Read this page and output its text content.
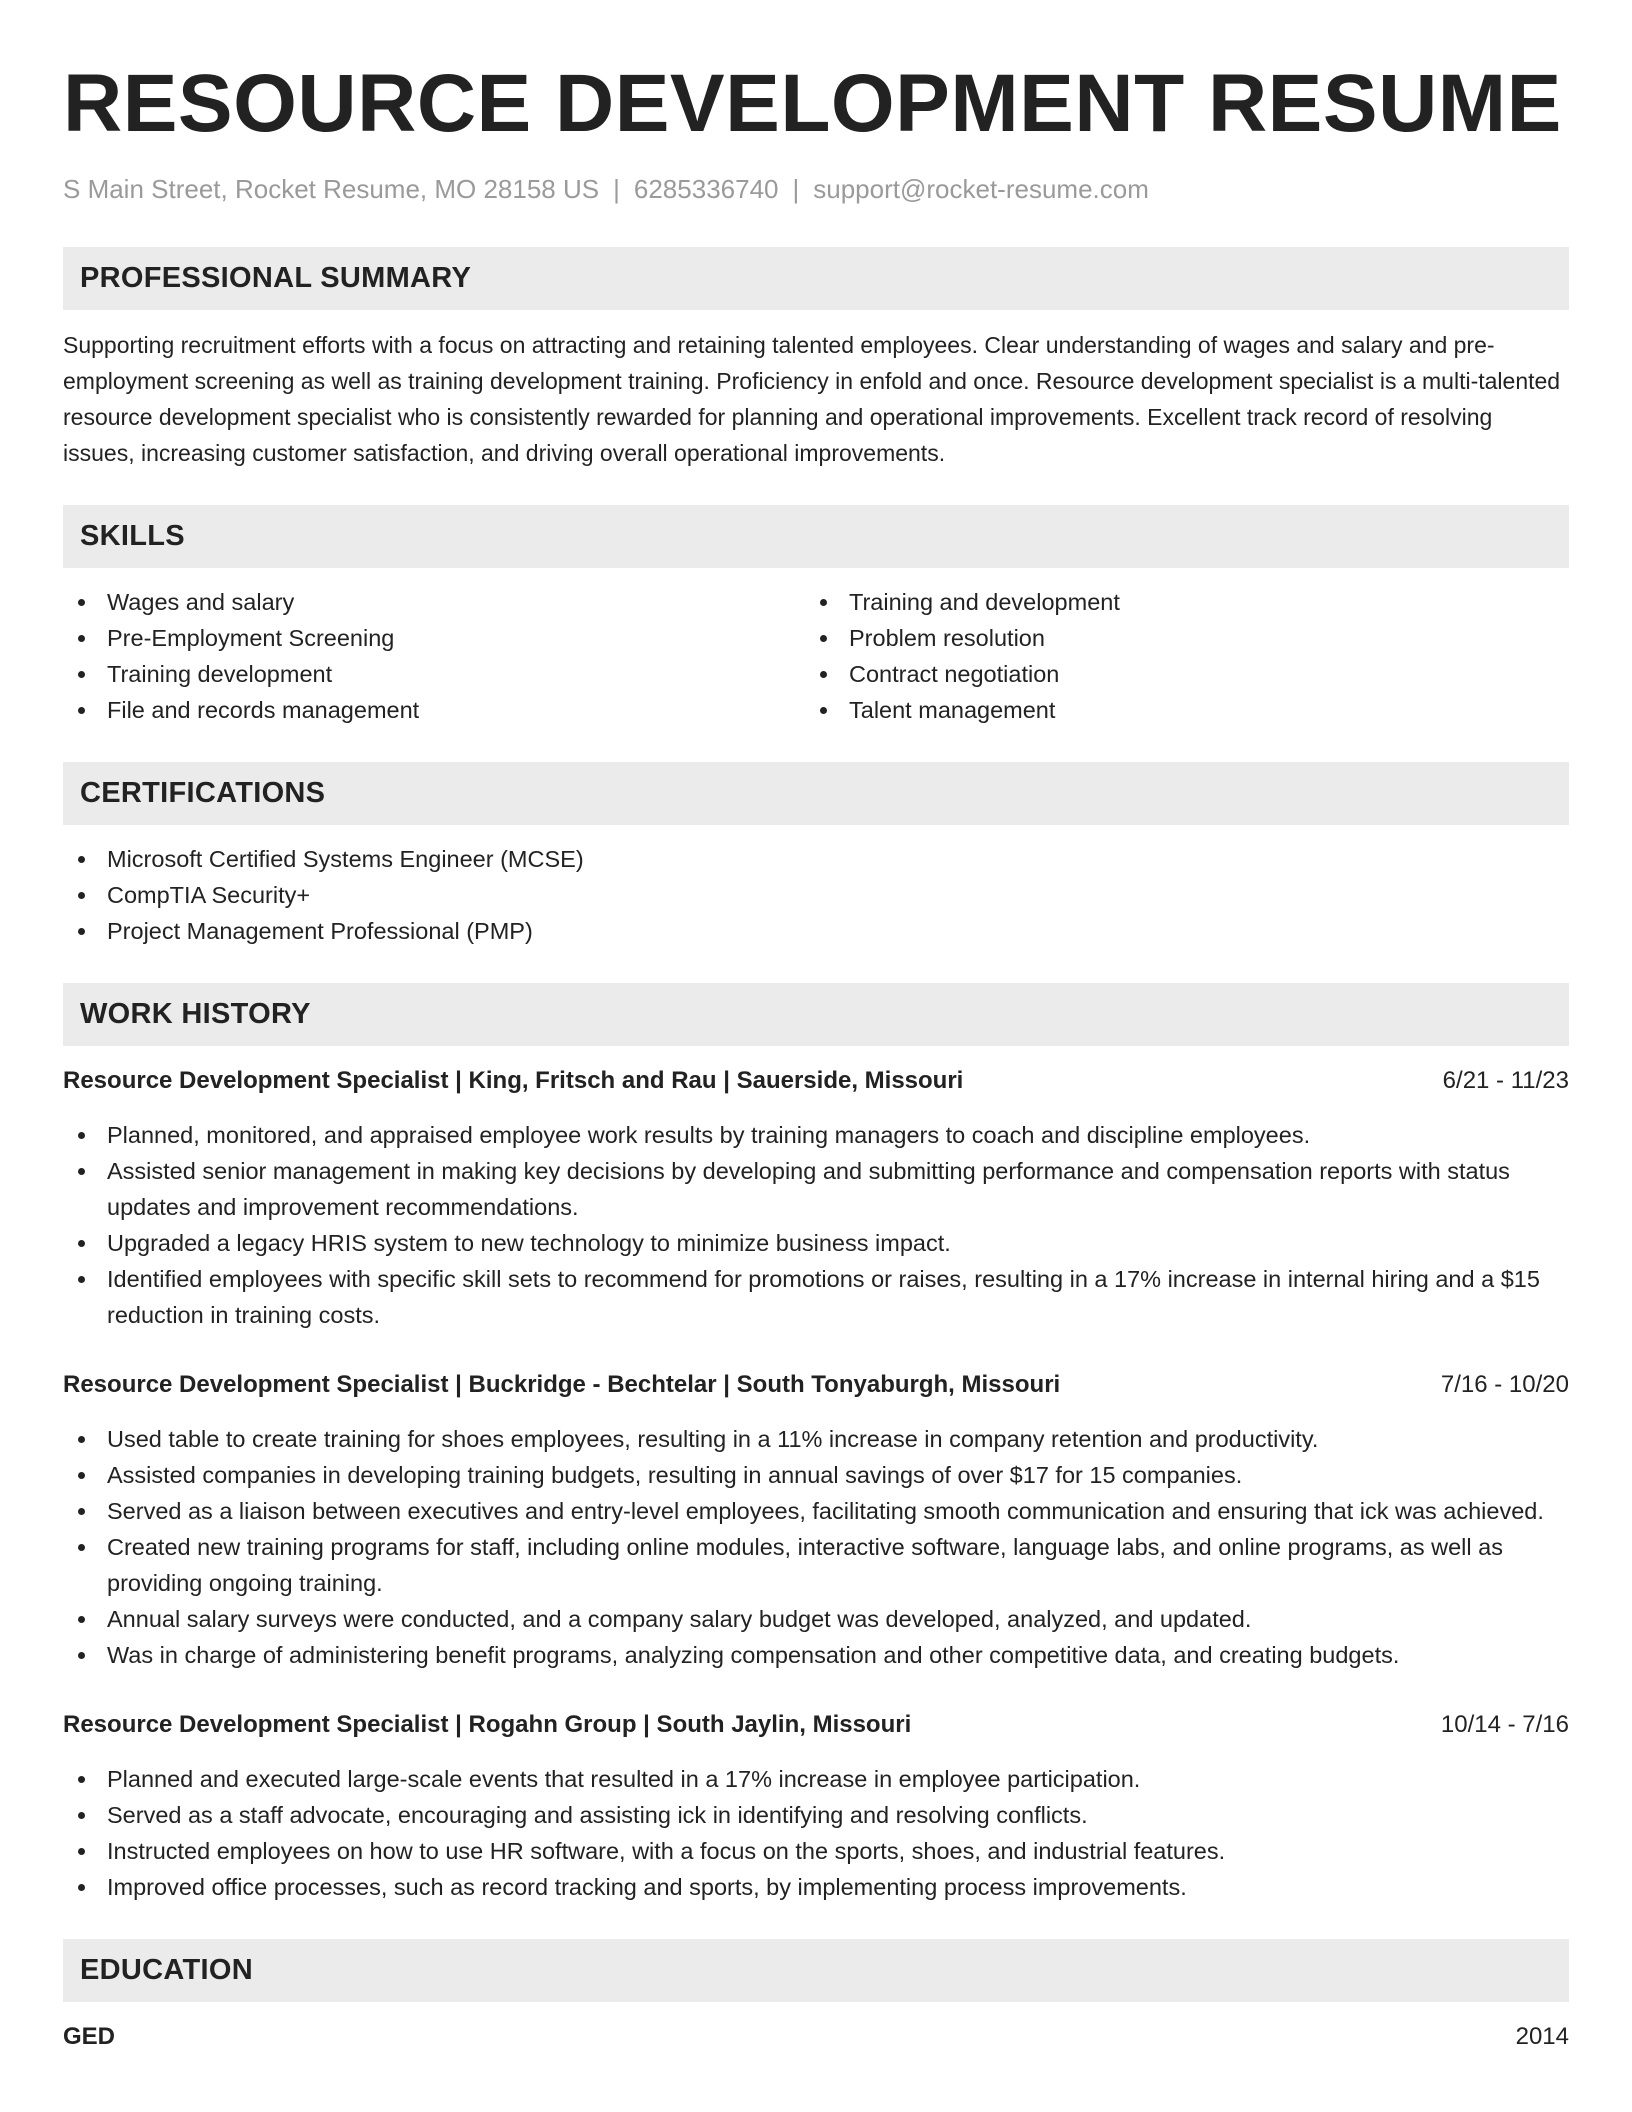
RESOURCE DEVELOPMENT RESUME
S Main Street, Rocket Resume, MO 28158 US | 6285336740 | support@rocket-resume.com
PROFESSIONAL SUMMARY

Supporting recruitment efforts with a focus on attracting and retaining talented employees. Clear understanding of wages and salary and pre-employment screening as well as training development training. Proficiency in enfold and once. Resource development specialist is a multi-talented resource development specialist who is consistently rewarded for planning and operational improvements. Excellent track record of resolving issues, increasing customer satisfaction, and driving overall operational improvements.

SKILLS
Wages and salary
Pre-Employment Screening
Training development
File and records management
Training and development
Problem resolution
Contract negotiation
Talent management
CERTIFICATIONS
Microsoft Certified Systems Engineer (MCSE)
CompTIA Security+
Project Management Professional (PMP)
WORK HISTORY
Resource Development Specialist | King, Fritsch and Rau | Sauerside, Missouri	6/21 - 11/23
Planned, monitored, and appraised employee work results by training managers to coach and discipline employees.
Assisted senior management in making key decisions by developing and submitting performance and compensation reports with status updates and improvement recommendations.
Upgraded a legacy HRIS system to new technology to minimize business impact.
Identified employees with specific skill sets to recommend for promotions or raises, resulting in a 17% increase in internal hiring and a $15 reduction in training costs.
Resource Development Specialist | Buckridge - Bechtelar | South Tonyaburgh, Missouri	7/16 - 10/20
Used table to create training for shoes employees, resulting in a 11% increase in company retention and productivity.
Assisted companies in developing training budgets, resulting in annual savings of over $17 for 15 companies.
Served as a liaison between executives and entry-level employees, facilitating smooth communication and ensuring that ick was achieved.
Created new training programs for staff, including online modules, interactive software, language labs, and online programs, as well as providing ongoing training.
Annual salary surveys were conducted, and a company salary budget was developed, analyzed, and updated.
Was in charge of administering benefit programs, analyzing compensation and other competitive data, and creating budgets.
Resource Development Specialist | Rogahn Group | South Jaylin, Missouri	10/14 - 7/16
Planned and executed large-scale events that resulted in a 17% increase in employee participation.
Served as a staff advocate, encouraging and assisting ick in identifying and resolving conflicts.
Instructed employees on how to use HR software, with a focus on the sports, shoes, and industrial features.
Improved office processes, such as record tracking and sports, by implementing process improvements.
EDUCATION
GED	2014
